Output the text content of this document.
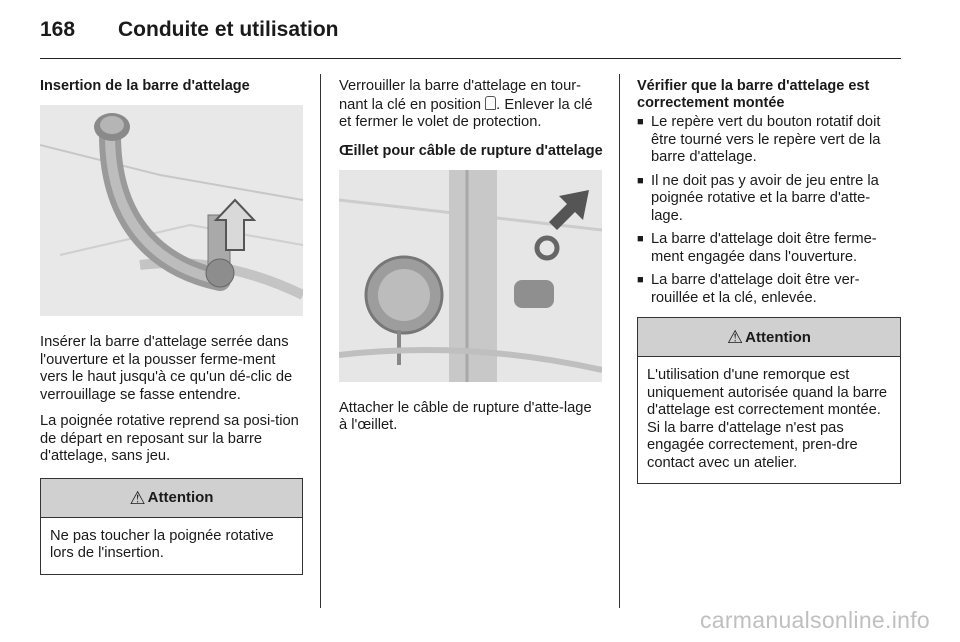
168 Conduite et utilisation
Insertion de la barre d'attelage

Insérer la barre d'attelage serrée dans l'ouverture et la pousser ferme-ment vers le haut jusqu'à ce qu'un dé-clic de verrouillage se fasse entendre.

La poignée rotative reprend sa posi-tion de départ en reposant sur la barre d'attelage, sans jeu.

⚠ Attention
Ne pas toucher la poignée rotative lors de l'insertion.

Verrouiller la barre d'attelage en tour-nant la clé en position . Enlever la clé et fermer le volet de protection.

Œillet pour câble de rupture d'attelage

Attacher le câble de rupture d'atte-lage à l'œillet.

Vérifier que la barre d'attelage est correctement montée
■ Le repère vert du bouton rotatif doit être tourné vers le repère vert de la barre d'attelage.
■ Il ne doit pas y avoir de jeu entre la poignée rotative et la barre d'atte-lage.
■ La barre d'attelage doit être ferme-ment engagée dans l'ouverture.
■ La barre d'attelage doit être ver-rouillée et la clé, enlevée.
⚠ Attention
L'utilisation d'une remorque est uniquement autorisée quand la barre d'attelage est correctement montée. Si la barre d'attelage n'est pas engagée correctement, pren-dre contact avec un atelier.
carmanualsonline.info
